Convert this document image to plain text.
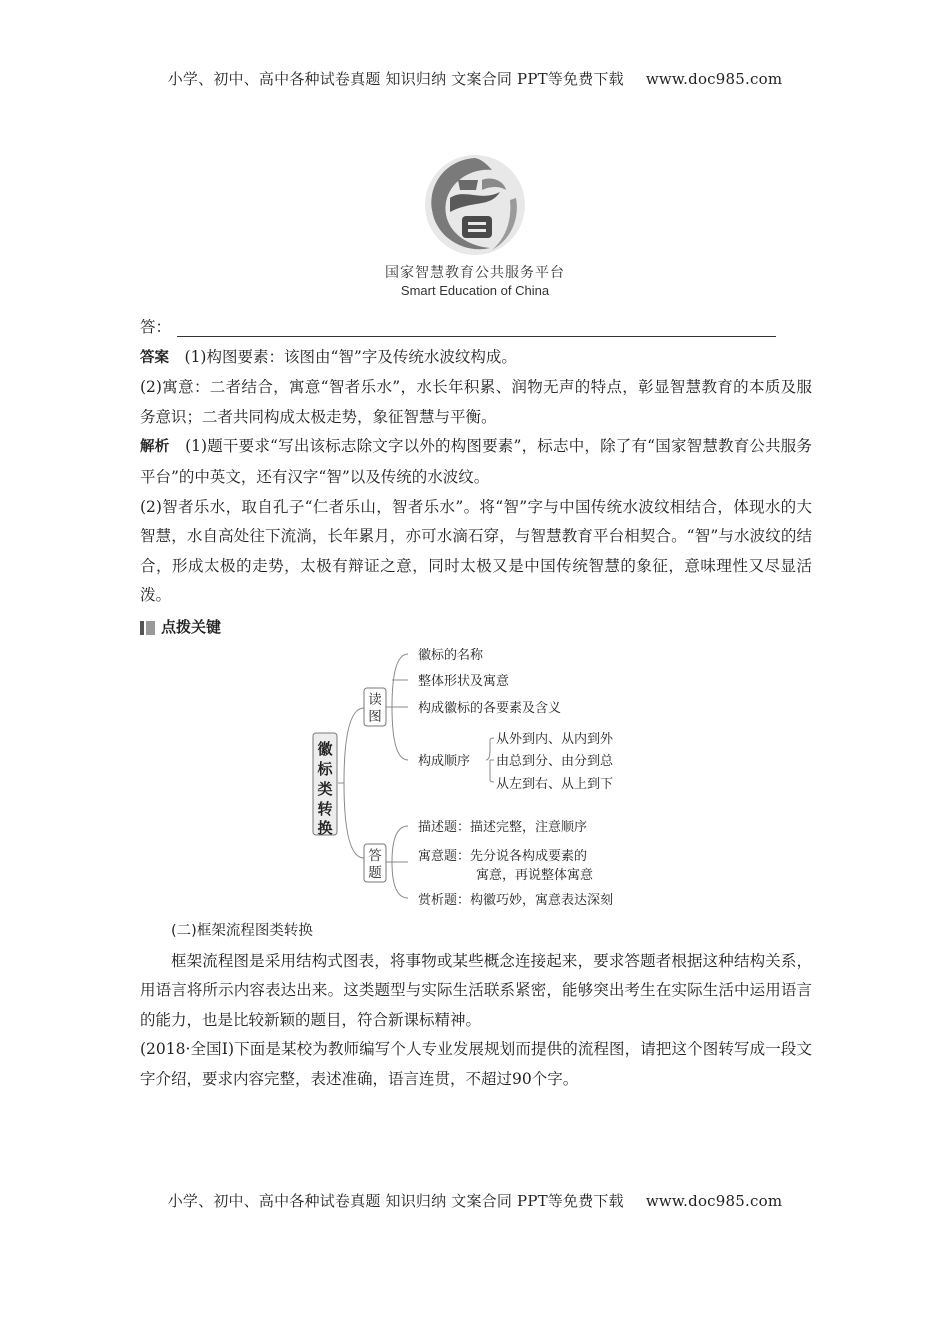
小学、初中、高中各种试卷真题 知识归纳 文案合同 PPT等免费下载 www.doc985.com
国家智慧教育公共服务平台
Smart Education of China
答：

答案　 (1)构图要素：该图由“智”字及传统水波纹构成。

(2)寓意：二者结合，寓意“智者乐水”，水长年积累、润物无声的特点，彰显智慧教育的本质及服务意识；二者共同构成太极走势，象征智慧与平衡。

解析　 (1)题干要求“写出该标志除文字以外的构图要素”，标志中，除了有“国家智慧教育公共服务平台”的中英文，还有汉字“智”以及传统的水波纹。

(2)智者乐水，取自孔子“仁者乐山，智者乐水”。将“智”字与中国传统水波纹相结合，体现水的大智慧，水自高处往下流淌，长年累月，亦可水滴石穿，与智慧教育平台相契合。“智”与水波纹的结合，形成太极的走势，太极有辩证之意，同时太极又是中国传统智慧的象征，意味理性又尽显活泼。

点拨关键
徽
标
类
转
换
读
图
徽标的名称
整体形状及寓意
构成徽标的各要素及含义
构成顺序
从外到内、从内到外
由总到分、由分到总
从左到右、从上到下
答
题
描述题：描述完整，注意顺序
寓意题：先分说各构成要素的
寓意，再说整体寓意
赏析题：构徽巧妙，寓意表达深刻

(二)框架流程图类转换

框架流程图是采用结构式图表，将事物或某些概念连接起来，要求答题者根据这种结构关系，用语言将所示内容表达出来。这类题型与实际生活联系紧密，能够突出考生在实际生活中运用语言的能力，也是比较新颖的题目，符合新课标精神。

(2018·全国Ⅰ)下面是某校为教师编写个人专业发展规划而提供的流程图，请把这个图转写成一段文字介绍，要求内容完整，表述准确，语言连贯，不超过90个字。

小学、初中、高中各种试卷真题 知识归纳 文案合同 PPT等免费下载 www.doc985.com
